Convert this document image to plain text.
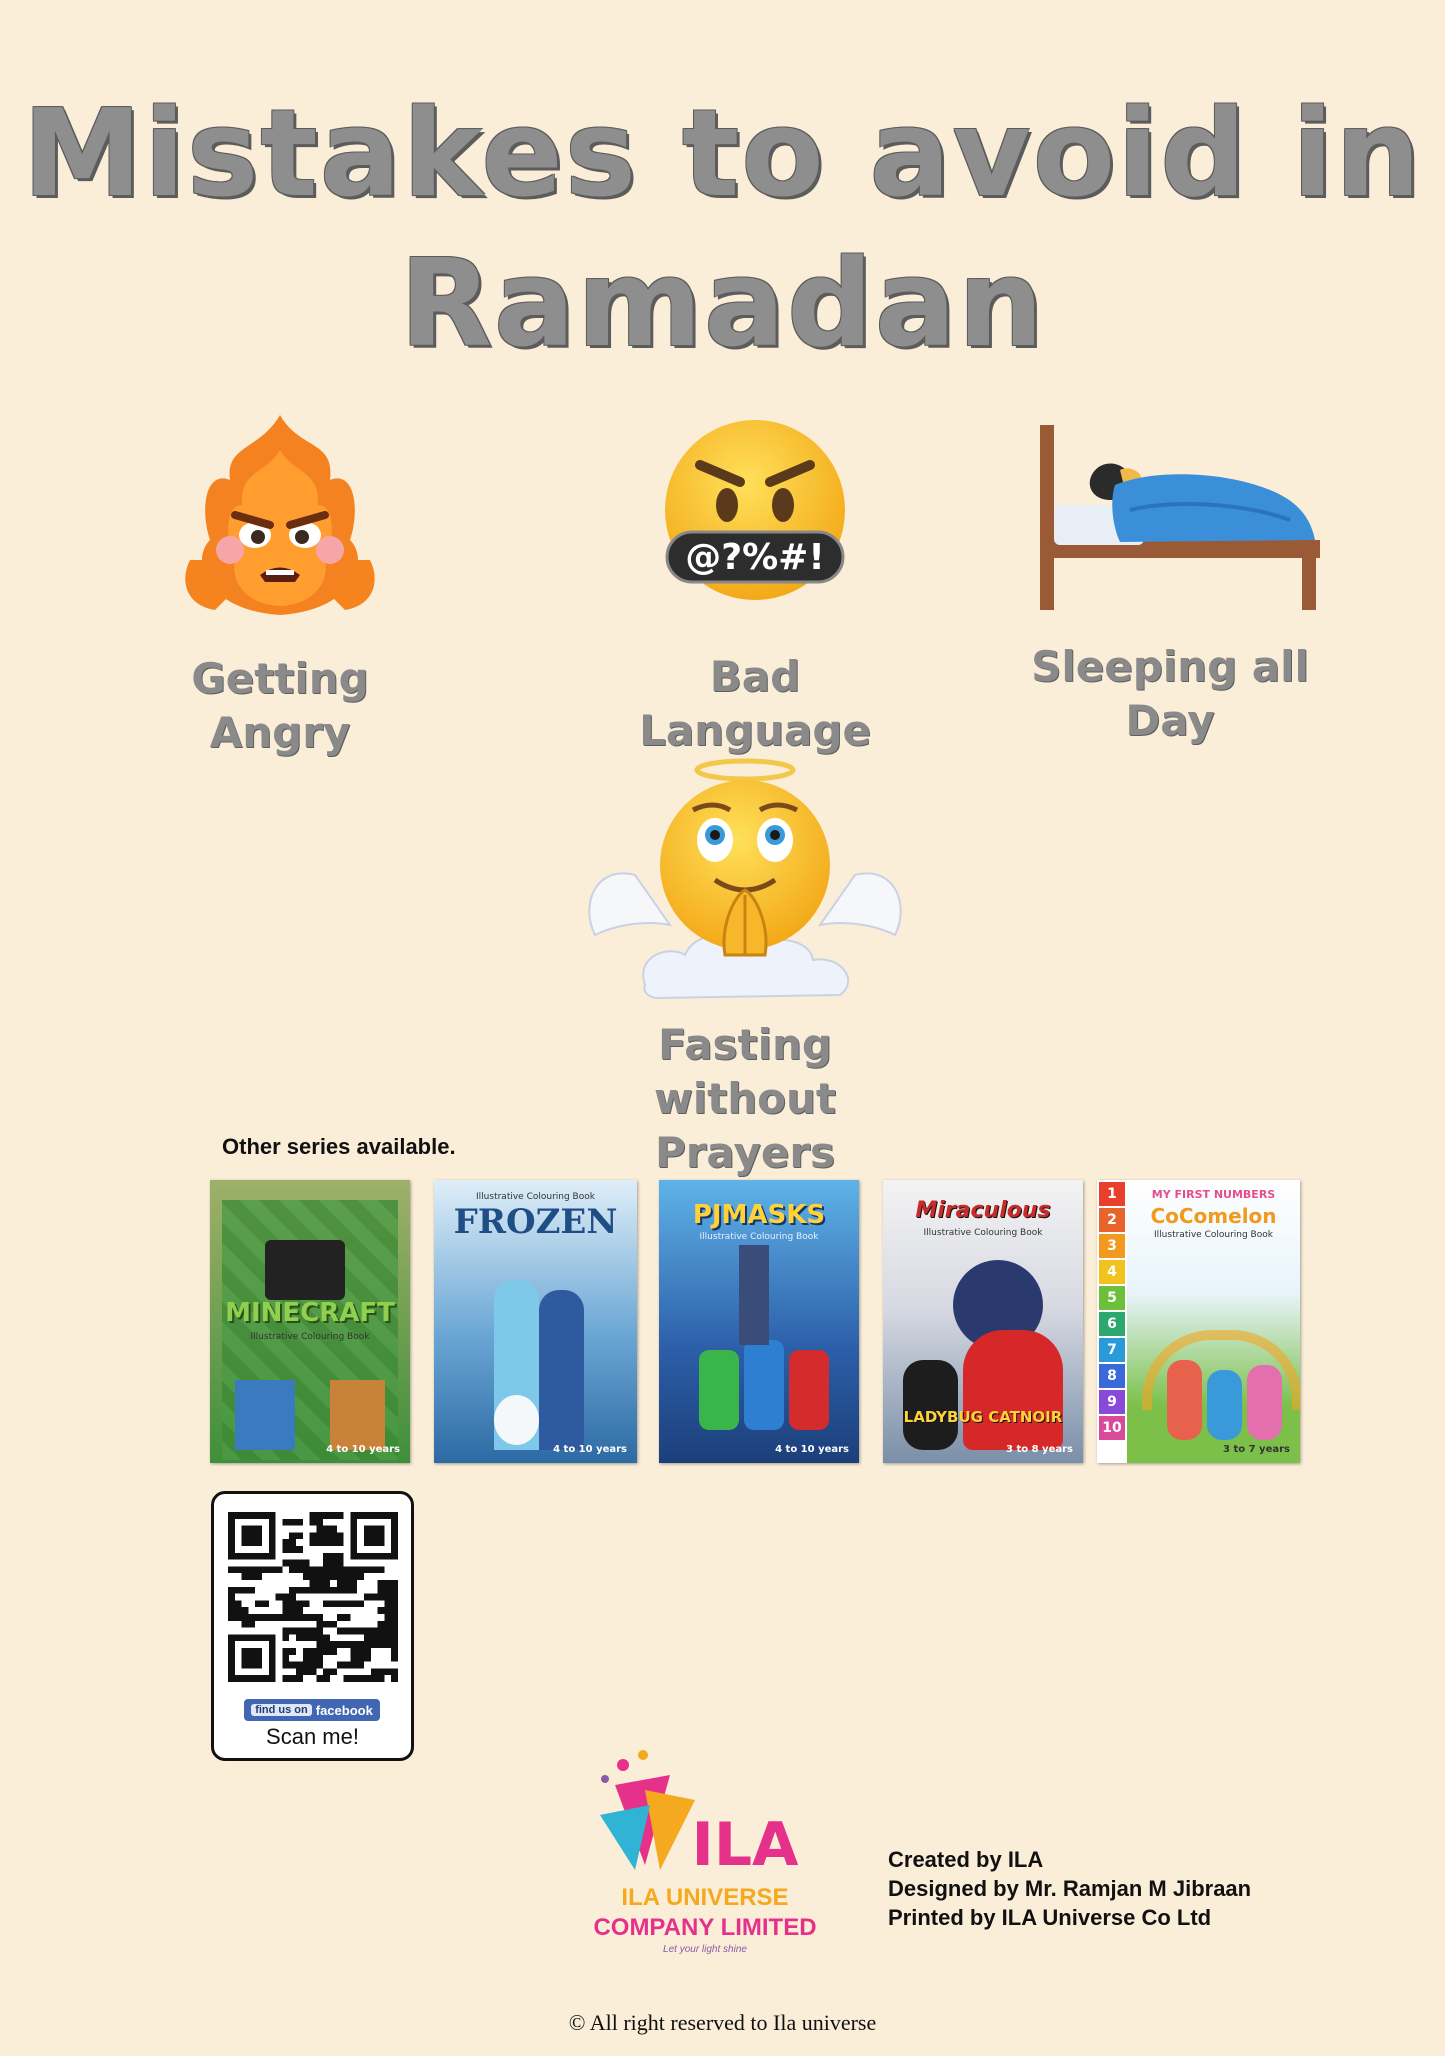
Mistakes to avoid in
Ramadan
Getting Angry
@?%#!
Bad Language
Sleeping all Day
Fasting without
Prayers
Other series available.
MINECRAFT
Illustrative Colouring Book
4 to 10 years
FROZEN
Illustrative Colouring Book
4 to 10 years
PJMASKS
Illustrative Colouring Book
4 to 10 years
Miraculous
Illustrative Colouring Book
LADYBUG CATNOIR
3 to 8 years
1
2
3
4
5
6
7
8
9
10
MY FIRST NUMBERS
CoComelon
Illustrative Colouring Book
3 to 7 years
find us on facebook
Scan me!
ILA
ILA UNIVERSE
COMPANY LIMITED
Let your light shine
Created by ILA
Designed by Mr. Ramjan M Jibraan
Printed by ILA Universe Co Ltd
© All right reserved to Ila universe
